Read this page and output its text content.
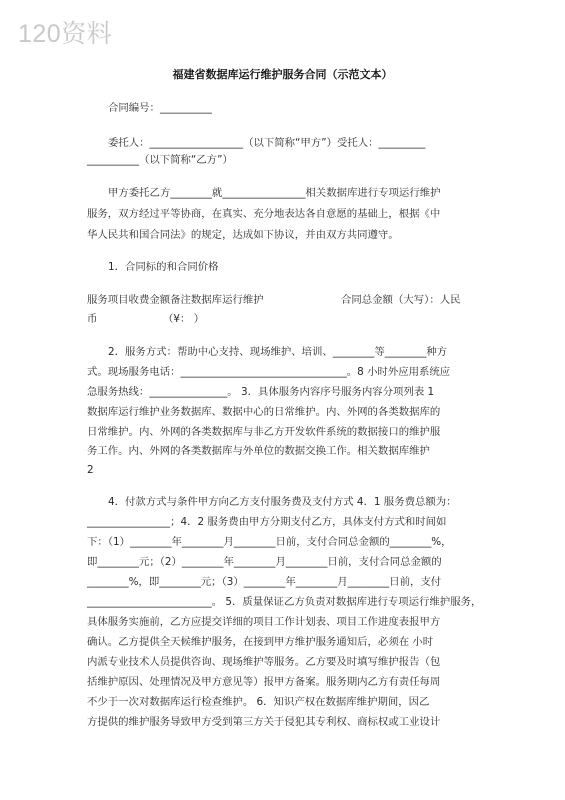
120资料
福建省数据库运行维护服务合同（示范文本）
合同编号：__________
委托人：__________________（以下简称“甲方”）受托人：_________
__________（以下简称“乙方”）
甲方委托乙方________就________________相关数据库进行专项运行维护
服务，双方经过平等协商，在真实、充分地表达各自意愿的基础上，根据《中
华人民共和国合同法》的规定，达成如下协议，并由双方共同遵守。
1．合同标的和合同价格
服务项目收费金额备注数据库运行维护	合同总金额（大写）：人民
币	（¥： ）
2．服务方式：帮助中心支持、现场维护、培训、________等________种方
式。现场服务电话：________________________________。8 小时外应用系统应
急服务热线：_______________。 3．具体服务内容序号服务内容分项列表 1
数据库运行维护业务数据库、数据中心的日常维护。内、外网的各类数据库的
日常维护。内、外网的各类数据库与非乙方开发软件系统的数据接口的维护服
务工作。内、外网的各类数据库与外单位的数据交换工作。相关数据库维护
2
4．付款方式与条件甲方向乙方支付服务费及支付方式 4．1 服务费总额为：
________________；4．2 服务费由甲方分期支付乙方，具体支付方式和时间如
下：（1）________年________月________日前，支付合同总金额的________%，
即________元；（2）________年________月________日前，支付合同总金额的
________%，即________元；（3）________年________月________日前，支付
________________________。 5．质量保证乙方负责对数据库进行专项运行维护服务，
具体服务实施前，乙方应提交详细的项目工作计划表、项目工作进度表报甲方
确认。乙方提供全天候维护服务，在接到甲方维护服务通知后，必须在 小时
内派专业技术人员提供咨询、现场维护等服务。乙方要及时填写维护报告（包
括维护原因、处理情况及甲方意见等）报甲方备案。服务期内乙方有责任每周
不少于一次对数据库运行检查维护。 6．知识产权在数据库维护期间，因乙
方提供的维护服务导致甲方受到第三方关于侵犯其专利权、商标权或工业设计
